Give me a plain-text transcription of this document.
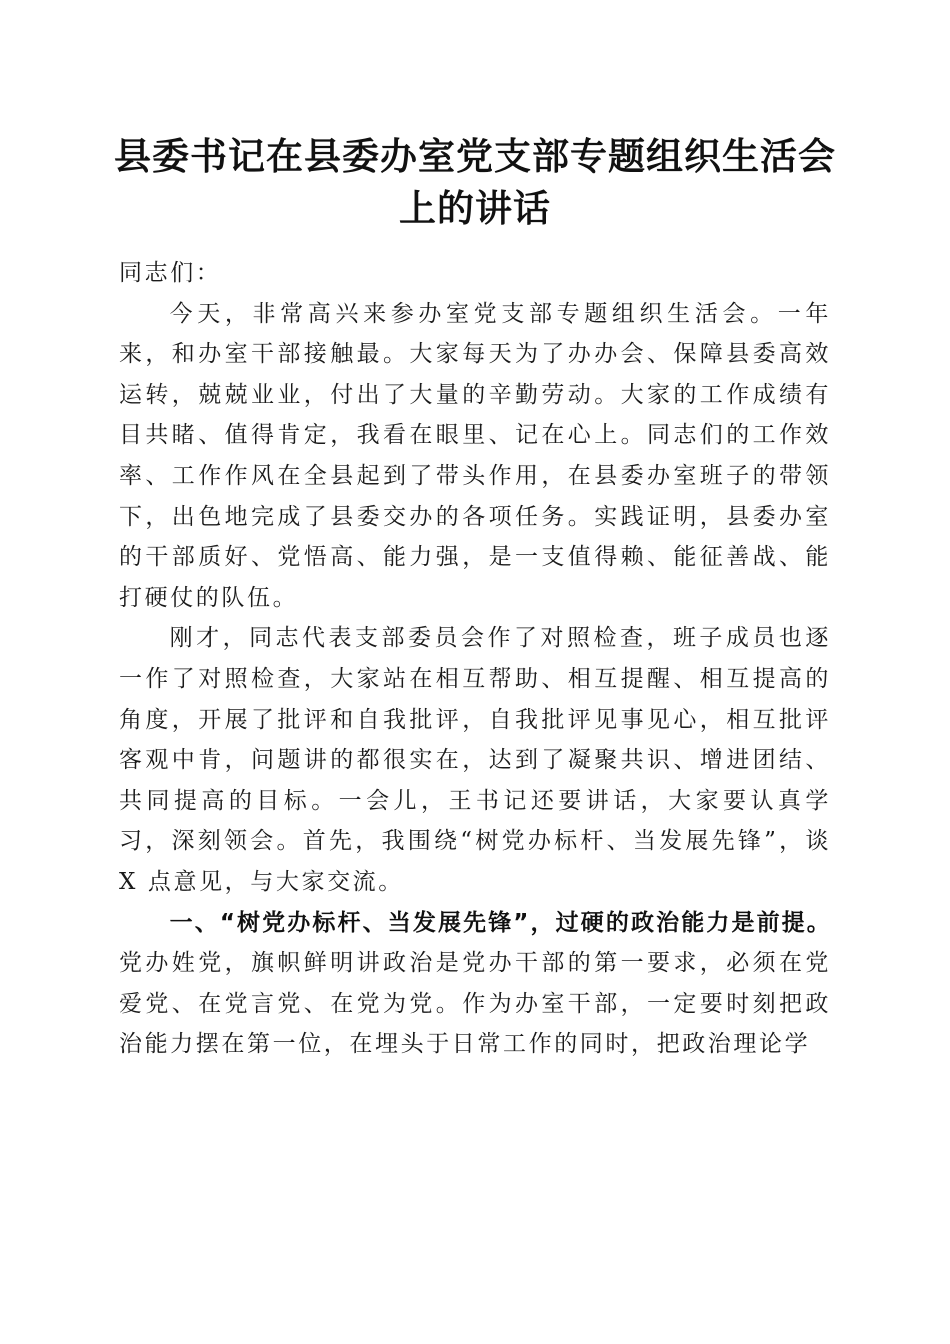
县委书记在县委办室党支部专题组织生活会上的讲话

同志们：

今天，非常高兴来参办室党支部专题组织生活会。一年来，和办室干部接触最。大家每天为了办办会、保障县委高效运转，兢兢业业，付出了大量的辛勤劳动。大家的工作成绩有目共睹、值得肯定，我看在眼里、记在心上。同志们的工作效率、工作作风在全县起到了带头作用，在县委办室班子的带领下，出色地完成了县委交办的各项任务。实践证明，县委办室的干部质好、党悟高、能力强，是一支值得赖、能征善战、能打硬仗的队伍。

刚才，同志代表支部委员会作了对照检查，班子成员也逐一作了对照检查，大家站在相互帮助、相互提醒、相互提高的角度，开展了批评和自我批评，自我批评见事见心，相互批评客观中肯，问题讲的都很实在，达到了凝聚共识、增进团结、共同提高的目标。一会儿，王书记还要讲话，大家要认真学习，深刻领会。首先，我围绕“树党办标杆、当发展先锋”，谈 X 点意见，与大家交流。

一、“树党办标杆、当发展先锋”，过硬的政治能力是前提。党办姓党，旗帜鲜明讲政治是党办干部的第一要求，必须在党爱党、在党言党、在党为党。作为办室干部，一定要时刻把政治能力摆在第一位，在埋头于日常工作的同时，把政治理论学
